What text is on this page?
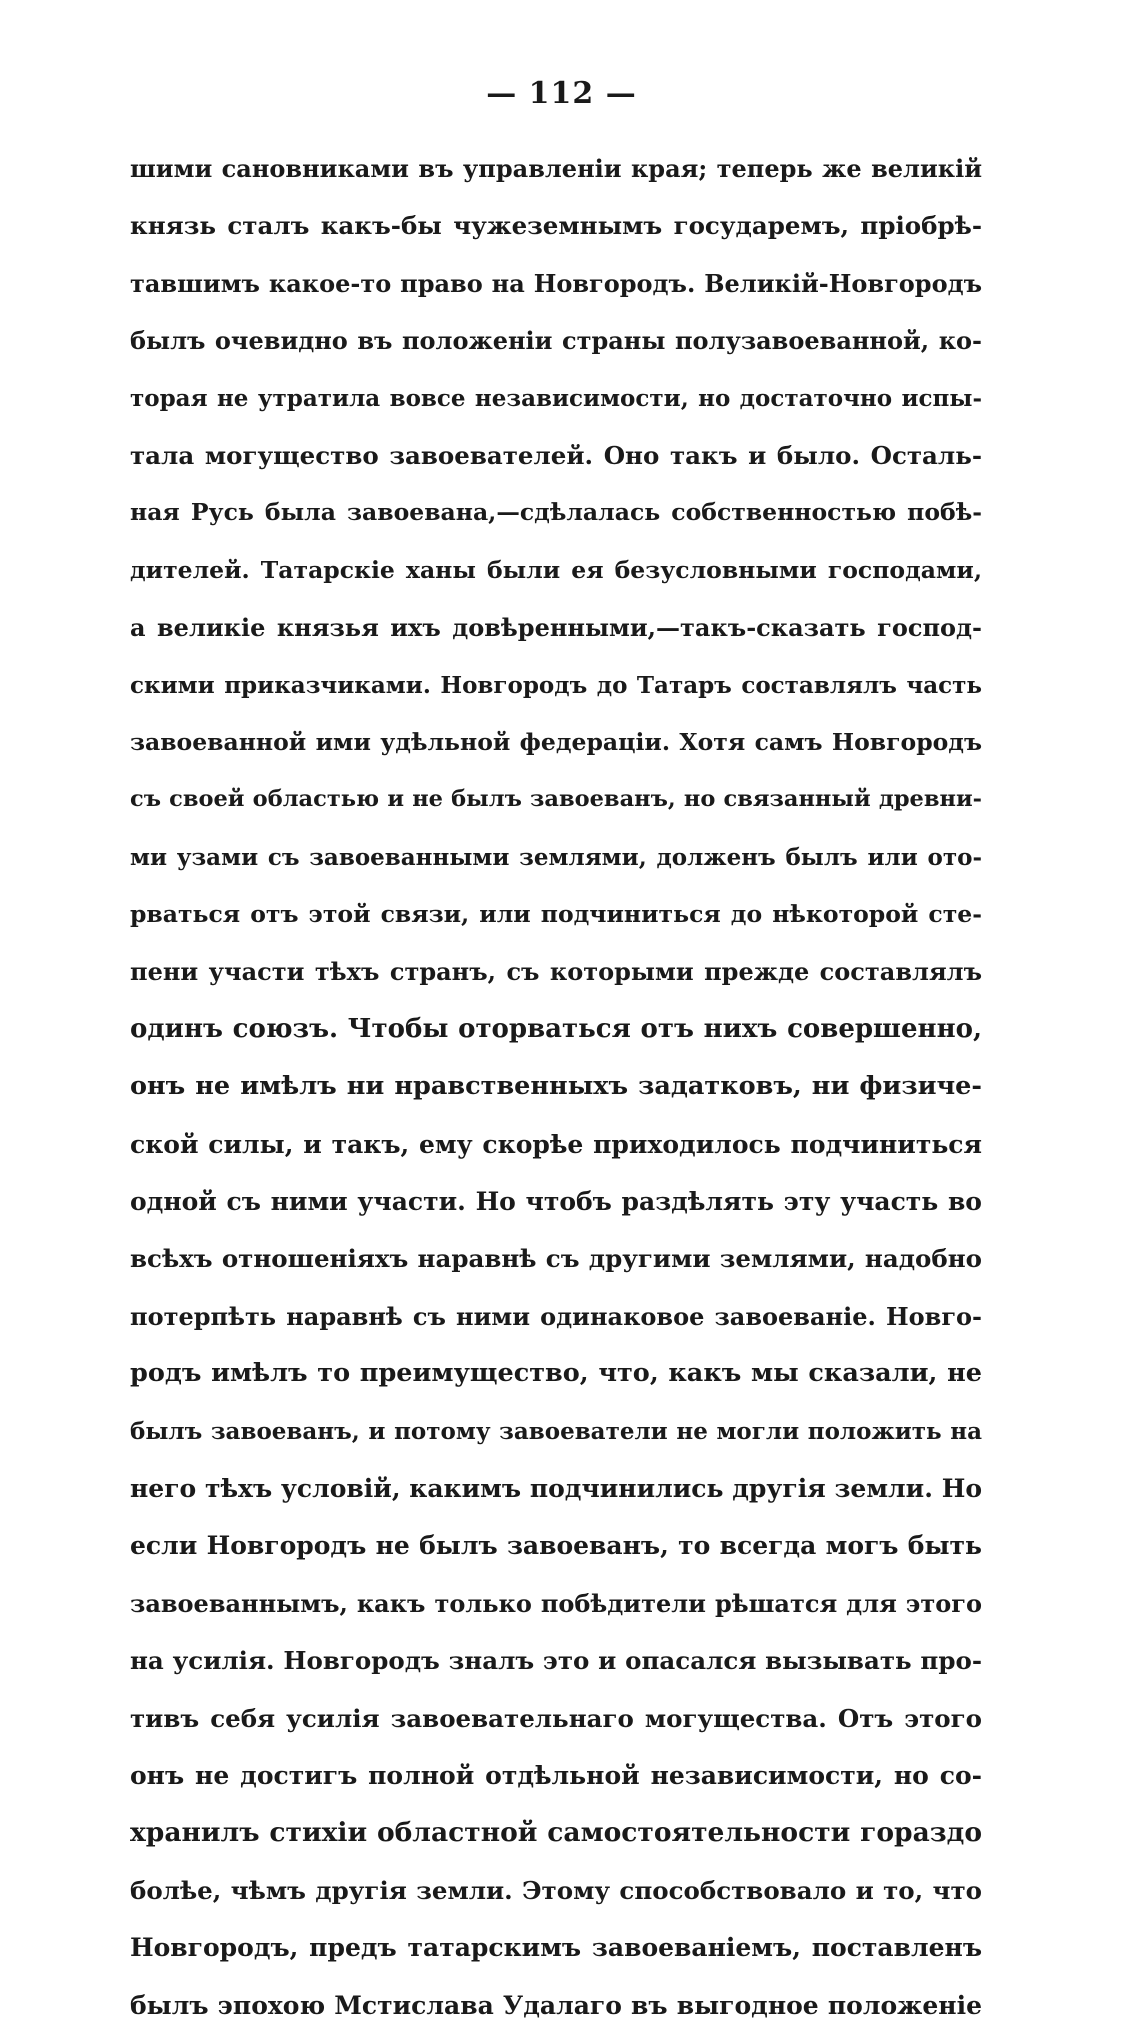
— 112 —
шими сановниками въ управленіи края; теперь же великій
князь сталъ какъ-бы чужеземнымъ государемъ, пріобрѣ-
тавшимъ какое-то право на Новгородъ. Великій-Новгородъ
былъ очевидно въ положеніи страны полузавоеванной, ко-
торая не утратила вовсе независимости, но достаточно испы-
тала могущество завоевателей. Оно такъ и было. Осталь-
ная Русь была завоевана,—сдѣлалась собственностью побѣ-
дителей. Татарскіе ханы были ея безусловными господами,
а великіе князья ихъ довѣренными,—такъ-сказать господ-
скими приказчиками. Новгородъ до Татаръ составлялъ часть
завоеванной ими удѣльной федераціи. Хотя самъ Новгородъ
съ своей областью и не былъ завоеванъ, но связанный древни-
ми узами съ завоеванными землями, долженъ былъ или ото-
рваться отъ этой связи, или подчиниться до нѣкоторой сте-
пени участи тѣхъ странъ, съ которыми прежде составлялъ
одинъ союзъ. Чтобы оторваться отъ нихъ совершенно,
онъ не имѣлъ ни нравственныхъ задатковъ, ни физиче-
ской силы, и такъ, ему скорѣе приходилось подчиниться
одной съ ними участи. Но чтобъ раздѣлять эту участь во
всѣхъ отношеніяхъ наравнѣ съ другими землями, надобно
потерпѣть наравнѣ съ ними одинаковое завоеваніе. Новго-
родъ имѣлъ то преимущество, что, какъ мы сказали, не
былъ завоеванъ, и потому завоеватели не могли положить на
него тѣхъ условій, какимъ подчинились другія земли. Но
если Новгородъ не былъ завоеванъ, то всегда могъ быть
завоеваннымъ, какъ только побѣдители рѣшатся для этого
на усилія. Новгородъ зналъ это и опасался вызывать про-
тивъ себя усилія завоевательнаго могущества. Отъ этого
онъ не достигъ полной отдѣльной независимости, но со-
хранилъ стихіи областной самостоятельности гораздо
болѣе, чѣмъ другія земли. Этому способствовало и то, что
Новгородъ, предъ татарскимъ завоеваніемъ, поставленъ
былъ эпохою Мстислава Удалаго въ выгодное положеніе
